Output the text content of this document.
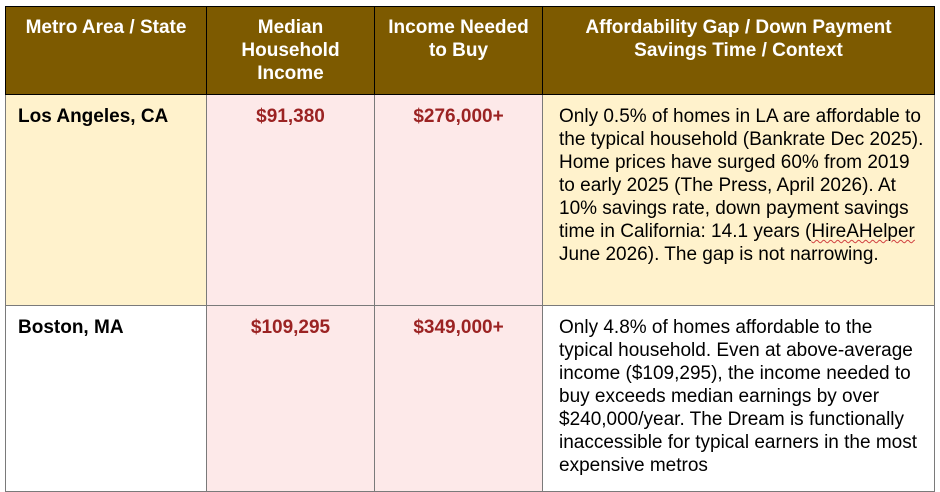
Metro Area / State	Median Household Income	Income Needed to Buy	Affordability Gap / Down Payment Savings Time / Context
Los Angeles, CA	$91,380	$276,000+	Only 0.5% of homes in LA are affordable to the typical household (Bankrate Dec 2025). Home prices have surged 60% from 2019 to early 2025 (The Press, April 2026). At 10% savings rate, down payment savings time in California: 14.1 years (HireAHelper June 2026). The gap is not narrowing.
Boston, MA	$109,295	$349,000+	Only 4.8% of homes affordable to the typical household. Even at above-average income ($109,295), the income needed to buy exceeds median earnings by over $240,000/year. The Dream is functionally inaccessible for typical earners in the most expensive metros
